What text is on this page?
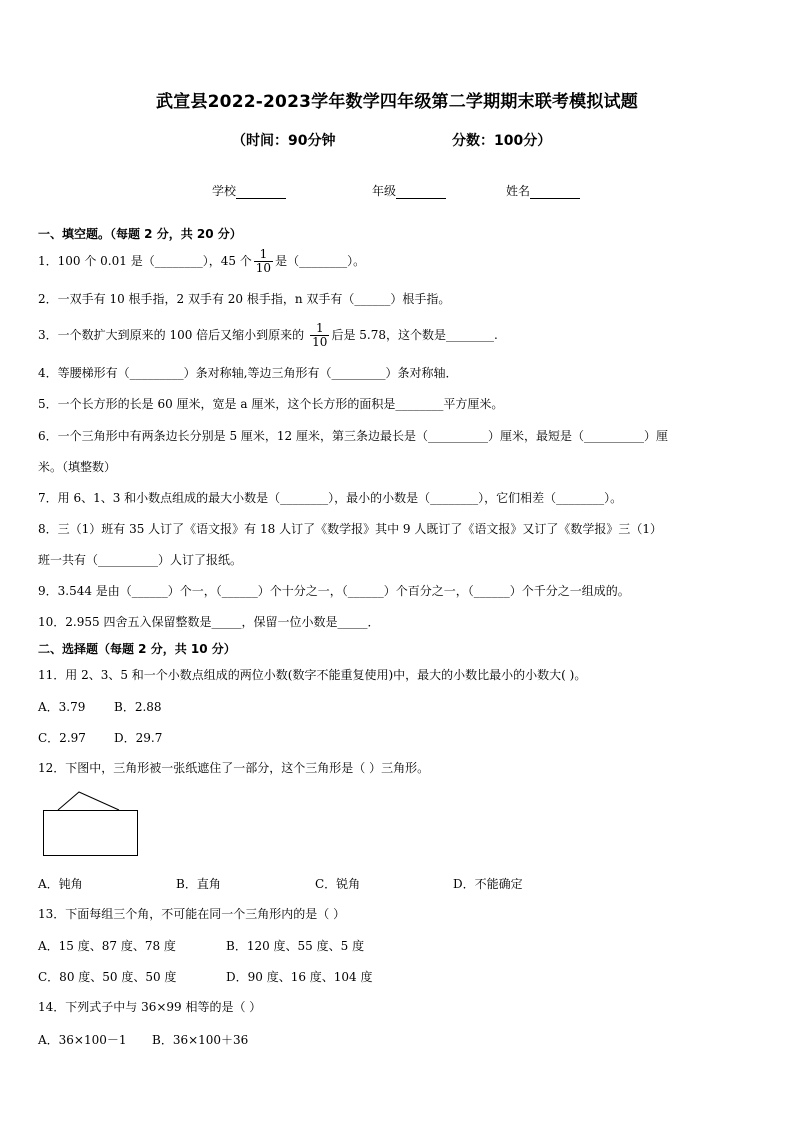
武宣县2022-2023学年数学四年级第二学期期末联考模拟试题
（时间：90分钟	分数：100分）
学校	年级	姓名
一、填空题。（每题 2 分，共 20 分）
1．100 个 0.01 是（________），45 个 $\frac{1}{10}$ 是（________）。
2．一双手有 10 根手指，2 双手有 20 根手指，n 双手有（______）根手指。
3．一个数扩大到原来的 100 倍后又缩小到原来的 $\frac{1}{10}$ 后是 5.78，这个数是________.
4．等腰梯形有（_________）条对称轴,等边三角形有（_________）条对称轴．
5．一个长方形的长是 60 厘米，宽是 a 厘米，这个长方形的面积是________平方厘米。
6．一个三角形中有两条边长分别是 5 厘米，12 厘米，第三条边最长是（__________）厘米，最短是（__________）厘
米。（填整数）
7．用 6、1、3 和小数点组成的最大小数是（________），最小的小数是（________），它们相差（________）。
8．三（1）班有 35 人订了《语文报》有 18 人订了《数学报》其中 9 人既订了《语文报》又订了《数学报》三（1）
班一共有（__________）人订了报纸。
9．3.544 是由（______）个一，（______）个十分之一，（______）个百分之一，（______）个千分之一组成的。
10．2.955 四舍五入保留整数是_____，保留一位小数是_____．
二、选择题（每题 2 分，共 10 分）
11．用 2、3、5 和一个小数点组成的两位小数(数字不能重复使用)中，最大的小数比最小的小数大( )。
A．3.79 B．2.88
C．2.97 D．29.7
12．下图中，三角形被一张纸遮住了一部分，这个三角形是（ ）三角形。
A．钝角	B．直角	C．锐角	D．不能确定
13．下面每组三个角，不可能在同一个三角形内的是（ ）
A．15 度、87 度、78 度	B．120 度、55 度、5 度
C．80 度、50 度、50 度	D．90 度、16 度、104 度
14．下列式子中与 36×99 相等的是（ ）
A．36×100－1 B．36×100＋36
